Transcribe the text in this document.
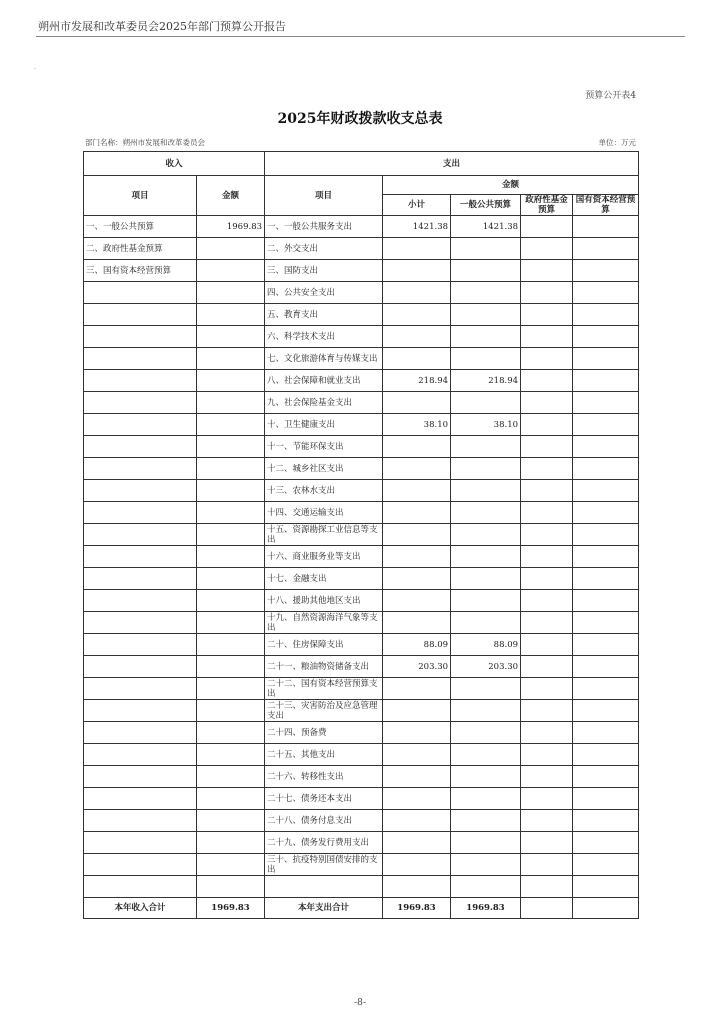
朔州市发展和改革委员会2025年部门预算公开报告
.
预算公开表4
2025年财政拨款收支总表
部门名称：朔州市发展和改革委员会	单位：万元
收入		支出				
项目	金额	项目	金额			
			小计	一般公共预算	政府性基金预算	国有资本经营预算
一、一般公共预算	1969.83	一、一般公共服务支出	1421.38	1421.38		
二、政府性基金预算		二、外交支出				
三、国有资本经营预算		三、国防支出				
		四、公共安全支出				
		五、教育支出				
		六、科学技术支出				
		七、文化旅游体育与传媒支出				
		八、社会保障和就业支出	218.94	218.94		
		九、社会保险基金支出				
		十、卫生健康支出	38.10	38.10		
		十一、节能环保支出				
		十二、城乡社区支出				
		十三、农林水支出				
		十四、交通运输支出				
		十五、资源勘探工业信息等支出				
		十六、商业服务业等支出				
		十七、金融支出				
		十八、援助其他地区支出				
		十九、自然资源海洋气象等支出				
		二十、住房保障支出	88.09	88.09		
		二十一、粮油物资储备支出	203.30	203.30		
		二十二、国有资本经营预算支出				
		二十三、灾害防治及应急管理支出				
		二十四、预备费				
		二十五、其他支出				
		二十六、转移性支出				
		二十七、债务还本支出				
		二十八、债务付息支出				
		二十九、债务发行费用支出				
		三十、抗疫特别国债安排的支出				

本年收入合计	1969.83	本年支出合计	1969.83	1969.83		
-8-
